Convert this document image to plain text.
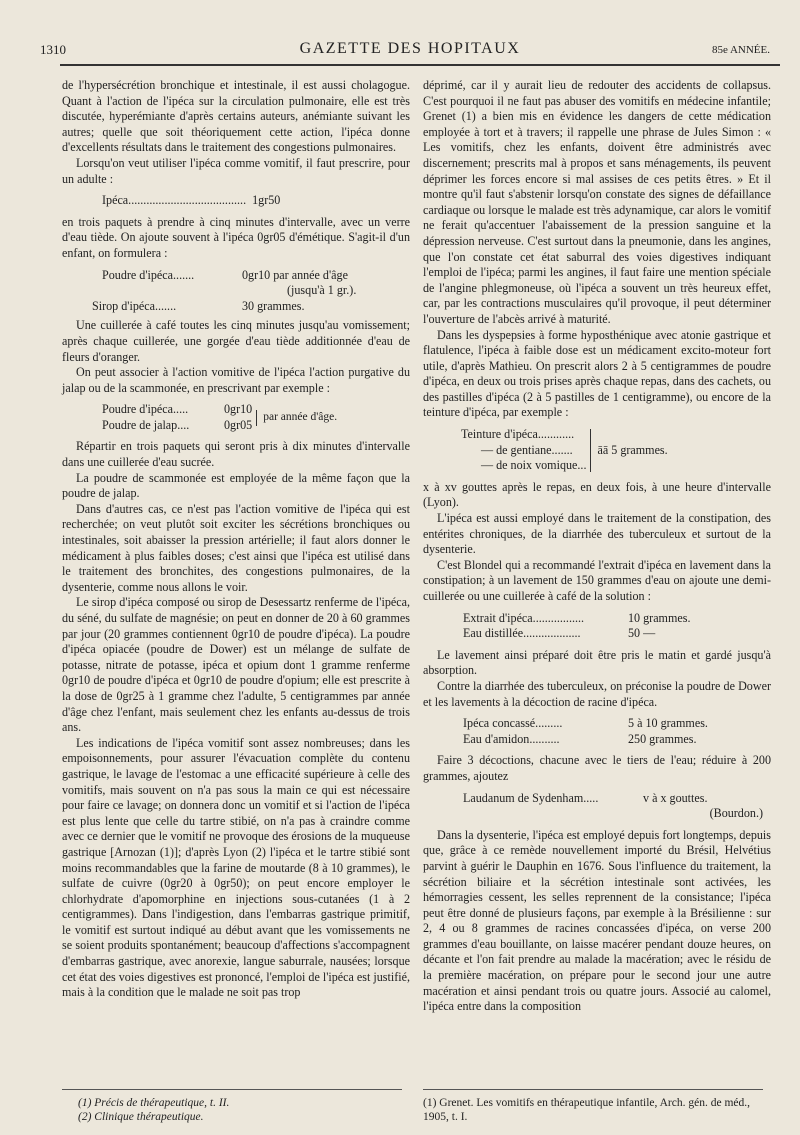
1310	GAZETTE DES HOPITAUX	85e ANNÉE.

de l'hypersécrétion bronchique et intestinale, il est aussi cholagogue. Quant à l'action de l'ipéca sur la circulation pulmonaire, elle est très discutée, hyperémiante d'après certains auteurs, anémiante suivant les autres; quelle que soit théoriquement cette action, l'ipéca donne d'excellents résultats dans le traitement des congestions pulmonaires.

Lorsqu'on veut utiliser l'ipéca comme vomitif, il faut prescrire, pour un adulte :

Ipéca....................................... 1gr50

en trois paquets à prendre à cinq minutes d'intervalle, avec un verre d'eau tiède. On ajoute souvent à l'ipéca 0gr05 d'émétique. S'agit-il d'un enfant, on formulera :

Poudre d'ipéca.......	0gr10 par année d'âge
(jusqu'à 1 gr.).
Sirop d'ipéca.......	30 grammes.

Une cuillerée à café toutes les cinq minutes jusqu'au vomissement; après chaque cuillerée, une gorgée d'eau tiède additionnée d'eau de fleurs d'oranger.

On peut associer à l'action vomitive de l'ipéca l'action purgative du jalap ou de la scammonée, en prescrivant par exemple :

Poudre d'ipéca.....	0gr10
Poudre de jalap....	0gr05
par année d'âge.

Répartir en trois paquets qui seront pris à dix minutes d'intervalle dans une cuillerée d'eau sucrée.

La poudre de scammonée est employée de la même façon que la poudre de jalap.

Dans d'autres cas, ce n'est pas l'action vomitive de l'ipéca qui est recherchée; on veut plutôt soit exciter les sécrétions bronchiques ou intestinales, soit abaisser la pression artérielle; il faut alors donner le médicament à plus faibles doses; c'est ainsi que l'ipéca est utilisé dans le traitement des bronchites, des congestions pulmonaires, de la dysenterie, comme nous allons le voir.

Le sirop d'ipéca composé ou sirop de Desessartz renferme de l'ipéca, du séné, du sulfate de magnésie; on peut en donner de 20 à 60 grammes par jour (20 grammes contiennent 0gr10 de poudre d'ipéca). La poudre d'ipéca opiacée (poudre de Dower) est un mélange de sulfate de potasse, nitrate de potasse, ipéca et opium dont 1 gramme renferme 0gr10 de poudre d'ipéca et 0gr10 de poudre d'opium; elle est prescrite à la dose de 0gr25 à 1 gramme chez l'adulte, 5 centigrammes par année d'âge chez l'enfant, mais seulement chez les enfants au-dessus de trois ans.

Les indications de l'ipéca vomitif sont assez nombreuses; dans les empoisonnements, pour assurer l'évacuation complète du contenu gastrique, le lavage de l'estomac a une efficacité supérieure à celle des vomitifs, mais souvent on n'a pas sous la main ce qui est nécessaire pour faire ce lavage; on donnera donc un vomitif et si l'action de l'ipéca est plus lente que celle du tartre stibié, on n'a pas à craindre comme avec ce dernier que le vomitif ne provoque des érosions de la muqueuse gastrique [Arnozan (1)]; d'après Lyon (2) l'ipéca et le tartre stibié sont moins recommandables que la farine de moutarde (8 à 10 grammes), le sulfate de cuivre (0gr20 à 0gr50); on peut encore employer le chlorhydrate d'apomorphine en injections sous-cutanées (1 à 2 centigrammes). Dans l'indigestion, dans l'embarras gastrique primitif, le vomitif est surtout indiqué au début avant que les vomissements ne se soient produits spontanément; beaucoup d'affections s'accompagnent d'embarras gastrique, avec anorexie, langue saburrale, nausées; lorsque cet état des voies digestives est prononcé, l'emploi de l'ipéca est justifié, mais à la condition que le malade ne soit pas trop

(1) Précis de thérapeutique, t. II.
(2) Clinique thérapeutique.

déprimé, car il y aurait lieu de redouter des accidents de collapsus. C'est pourquoi il ne faut pas abuser des vomitifs en médecine infantile; Grenet (1) a bien mis en évidence les dangers de cette médication employée à tort et à travers; il rappelle une phrase de Jules Simon : « Les vomitifs, chez les enfants, doivent être administrés avec discernement; prescrits mal à propos et sans ménagements, ils peuvent déprimer les forces encore si mal assises de ces petits êtres. » Et il montre qu'il faut s'abstenir lorsqu'on constate des signes de défaillance cardiaque ou lorsque le malade est très adynamique, car alors le vomitif ne ferait qu'accentuer l'abaissement de la pression sanguine et la dépression nerveuse. C'est surtout dans la pneumonie, dans les angines, que l'on constate cet état saburral des voies digestives indiquant l'emploi de l'ipéca; parmi les angines, il faut faire une mention spéciale de l'angine phlegmoneuse, où l'ipéca a souvent un très heureux effet, car, par les contractions musculaires qu'il provoque, il peut déterminer l'ouverture de l'abcès arrivé à maturité.

Dans les dyspepsies à forme hyposthénique avec atonie gastrique et flatulence, l'ipéca à faible dose est un médicament excito-moteur fort utile, d'après Mathieu. On prescrit alors 2 à 5 centigrammes de poudre d'ipéca, en deux ou trois prises après chaque repas, dans des cachets, ou des pastilles d'ipéca (2 à 5 pastilles de 1 centigramme), ou encore de la teinture d'ipéca, par exemple :

Teinture d'ipéca............
— de gentiane.......
— de noix vomique...
āā 5 grammes.

x à xv gouttes après le repas, en deux fois, à une heure d'intervalle (Lyon).

L'ipéca est aussi employé dans le traitement de la constipation, des entérites chroniques, de la diarrhée des tuberculeux et surtout de la dysenterie.

C'est Blondel qui a recommandé l'extrait d'ipéca en lavement dans la constipation; à un lavement de 150 grammes d'eau on ajoute une demi-cuillerée ou une cuillerée à café de la solution :

Extrait d'ipéca.................	10 grammes.
Eau distillée...................	50 —

Le lavement ainsi préparé doit être pris le matin et gardé jusqu'à absorption.

Contre la diarrhée des tuberculeux, on préconise la poudre de Dower et les lavements à la décoction de racine d'ipéca.

Ipéca concassé.........	5 à 10 grammes.
Eau d'amidon..........	250 grammes.

Faire 3 décoctions, chacune avec le tiers de l'eau; réduire à 200 grammes, ajoutez

Laudanum de Sydenham.....	v à x gouttes.
(Bourdon.)

Dans la dysenterie, l'ipéca est employé depuis fort longtemps, depuis que, grâce à ce remède nouvellement importé du Brésil, Helvétius parvint à guérir le Dauphin en 1676. Sous l'influence du traitement, la sécrétion biliaire et la sécrétion intestinale sont activées, les hémorragies cessent, les selles reprennent de la consistance; l'ipéca peut être donné de plusieurs façons, par exemple à la Brésilienne : sur 2, 4 ou 8 grammes de racines concassées d'ipéca, on verse 200 grammes d'eau bouillante, on laisse macérer pendant douze heures, on décante et l'on fait prendre au malade la macération; avec le résidu de la première macération, on prépare pour le second jour une autre macération et ainsi pendant trois ou quatre jours. Associé au calomel, l'ipéca entre dans la composition

(1) Grenet. Les vomitifs en thérapeutique infantile, Arch. gén. de méd., 1905, t. I.
